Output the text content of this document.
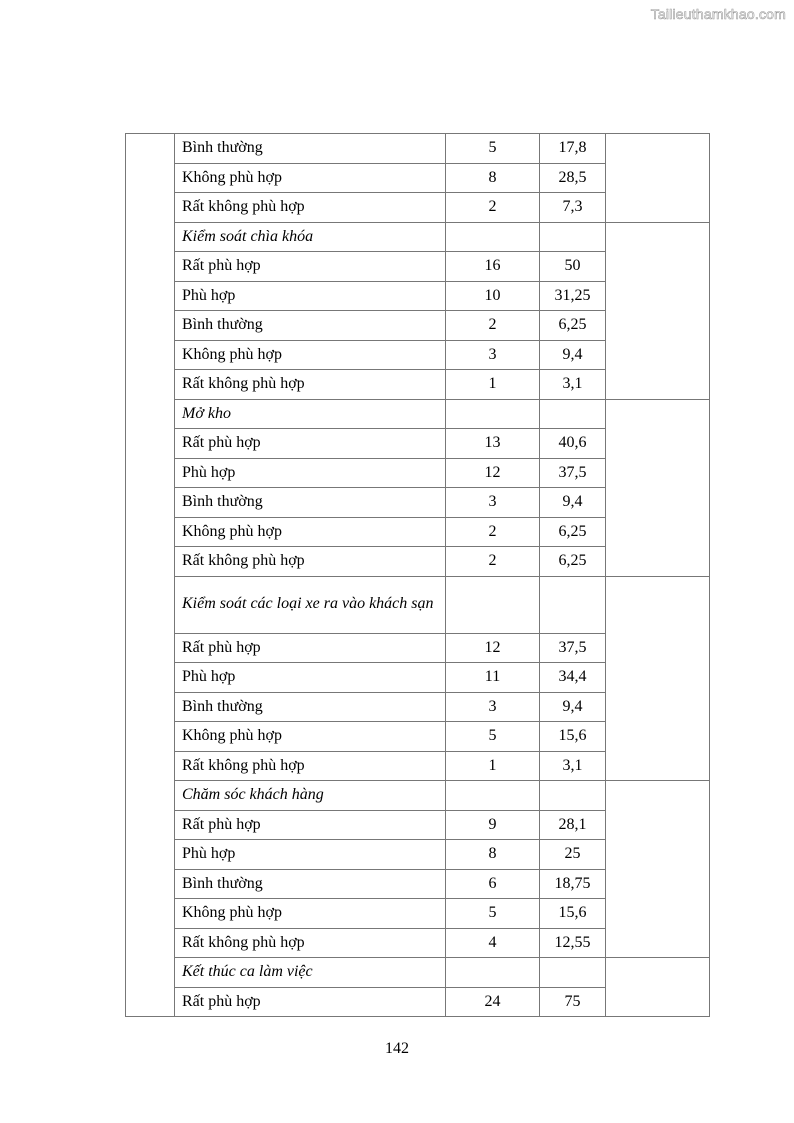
Tailieuthamkhao.com
	Bình thường	5	17,8	
	Không phù hợp	8	28,5	
	Rất không phù hợp	2	7,3	
	Kiểm soát chìa khóa			
	Rất phù hợp	16	50	
	Phù hợp	10	31,25	
	Bình thường	2	6,25	
	Không phù hợp	3	9,4	
	Rất không phù hợp	1	3,1	
	Mở kho			
	Rất phù hợp	13	40,6	
	Phù hợp	12	37,5	
	Bình thường	3	9,4	
	Không phù hợp	2	6,25	
	Rất không phù hợp	2	6,25	
	Kiểm soát các loại xe ra vào khách sạn			
	Rất phù hợp	12	37,5	
	Phù hợp	11	34,4	
	Bình thường	3	9,4	
	Không phù hợp	5	15,6	
	Rất không phù hợp	1	3,1	
	Chăm sóc khách hàng			
	Rất phù hợp	9	28,1	
	Phù hợp	8	25	
	Bình thường	6	18,75	
	Không phù hợp	5	15,6	
	Rất không phù hợp	4	12,55	
	Kết thúc ca làm việc			
	Rất phù hợp	24	75	
142
